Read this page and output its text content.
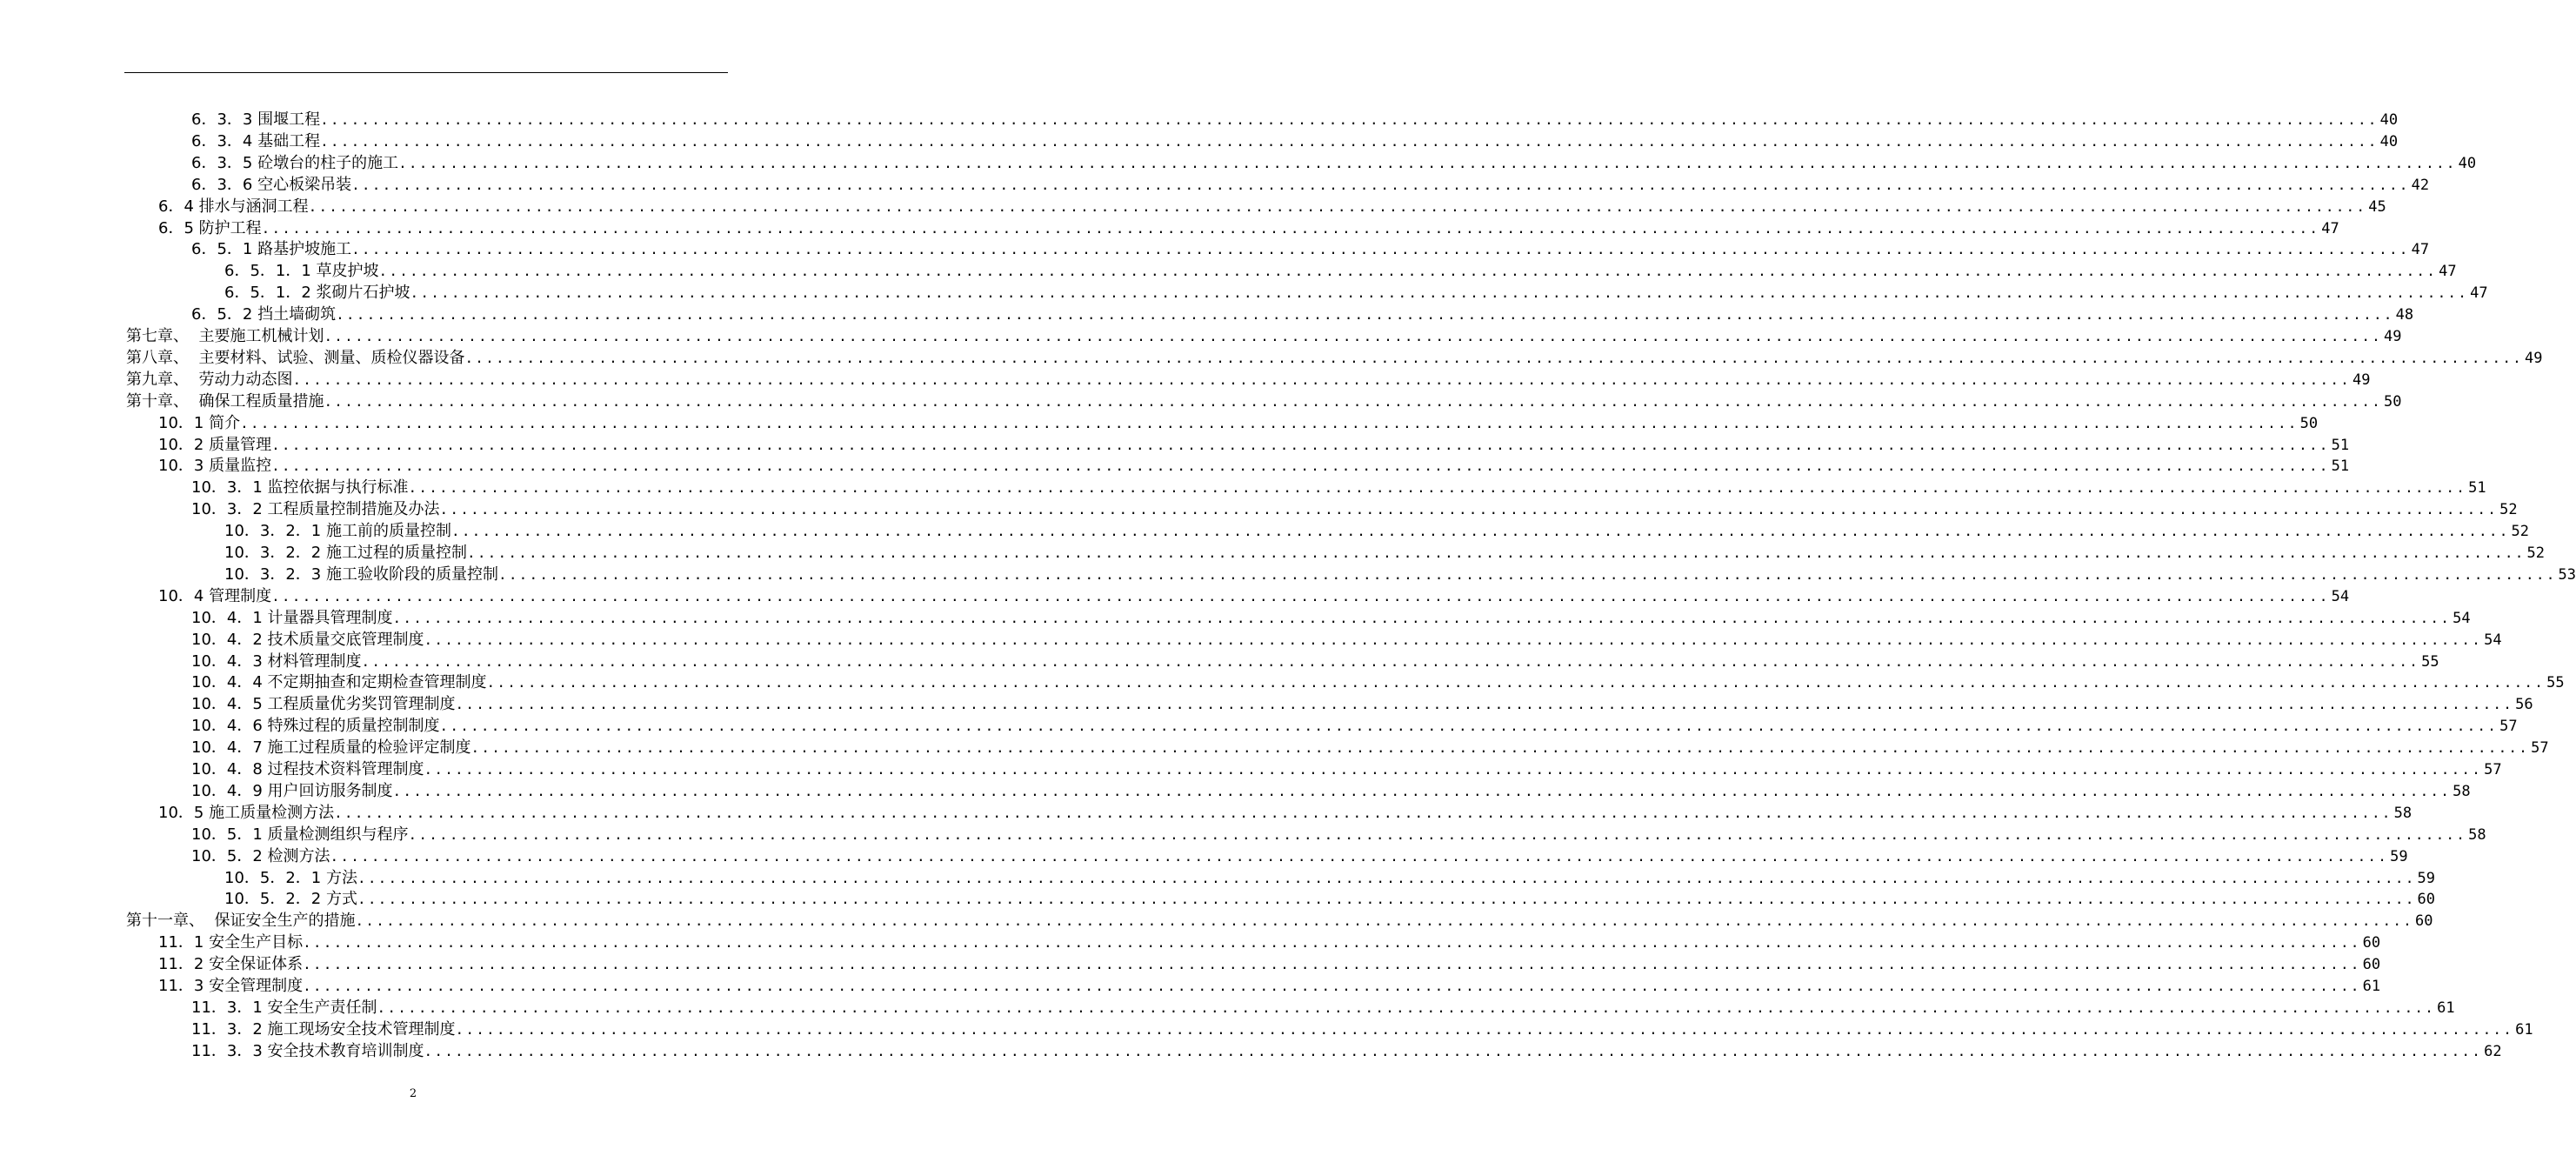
6．3．3 围堰工程 ........................................................................................................................................................................................................ 40
6．3．4 基础工程 ........................................................................................................................................................................................................ 40
6．3．5 砼墩台的柱子的施工 ........................................................................................................................................................................................................ 40
6．3．6 空心板梁吊装 ........................................................................................................................................................................................................ 42
6．4 排水与涵洞工程 ........................................................................................................................................................................................................ 45
6．5 防护工程 ........................................................................................................................................................................................................ 47
6．5．1 路基护坡施工 ........................................................................................................................................................................................................ 47
6．5．1．1 草皮护坡 ........................................................................................................................................................................................................ 47
6．5．1．2 浆砌片石护坡 ........................................................................................................................................................................................................ 47
6．5．2 挡土墙砌筑 ........................................................................................................................................................................................................ 48
第七章、  主要施工机械计划 ........................................................................................................................................................................................................ 49
第八章、  主要材料、试验、测量、质检仪器设备 ........................................................................................................................................................................................................ 49
第九章、  劳动力动态图 ........................................................................................................................................................................................................ 49
第十章、  确保工程质量措施 ........................................................................................................................................................................................................ 50
10．1 简介 ........................................................................................................................................................................................................ 50
10．2 质量管理 ........................................................................................................................................................................................................ 51
10．3 质量监控 ........................................................................................................................................................................................................ 51
10．3．1 监控依据与执行标准 ........................................................................................................................................................................................................ 51
10．3．2 工程质量控制措施及办法 ........................................................................................................................................................................................................ 52
10．3．2．1 施工前的质量控制 ........................................................................................................................................................................................................ 52
10．3．2．2 施工过程的质量控制 ........................................................................................................................................................................................................ 52
10．3．2．3 施工验收阶段的质量控制 ........................................................................................................................................................................................................ 53
10．4 管理制度 ........................................................................................................................................................................................................ 54
10．4．1 计量器具管理制度 ........................................................................................................................................................................................................ 54
10．4．2 技术质量交底管理制度 ........................................................................................................................................................................................................ 54
10．4．3 材料管理制度 ........................................................................................................................................................................................................ 55
10．4．4 不定期抽查和定期检查管理制度 ........................................................................................................................................................................................................ 55
10．4．5 工程质量优劣奖罚管理制度 ........................................................................................................................................................................................................ 56
10．4．6 特殊过程的质量控制制度 ........................................................................................................................................................................................................ 57
10．4．7 施工过程质量的检验评定制度 ........................................................................................................................................................................................................ 57
10．4．8 过程技术资料管理制度 ........................................................................................................................................................................................................ 57
10．4．9 用户回访服务制度 ........................................................................................................................................................................................................ 58
10．5 施工质量检测方法 ........................................................................................................................................................................................................ 58
10．5．1 质量检测组织与程序 ........................................................................................................................................................................................................ 58
10．5．2 检测方法 ........................................................................................................................................................................................................ 59
10．5．2．1 方法 ........................................................................................................................................................................................................ 59
10．5．2．2 方式 ........................................................................................................................................................................................................ 60
第十一章、  保证安全生产的措施 ........................................................................................................................................................................................................ 60
11．1 安全生产目标 ........................................................................................................................................................................................................ 60
11．2 安全保证体系 ........................................................................................................................................................................................................ 60
11．3 安全管理制度 ........................................................................................................................................................................................................ 61
11．3．1 安全生产责任制 ........................................................................................................................................................................................................ 61
11．3．2 施工现场安全技术管理制度 ........................................................................................................................................................................................................ 61
11．3．3 安全技术教育培训制度 ........................................................................................................................................................................................................ 62
2
